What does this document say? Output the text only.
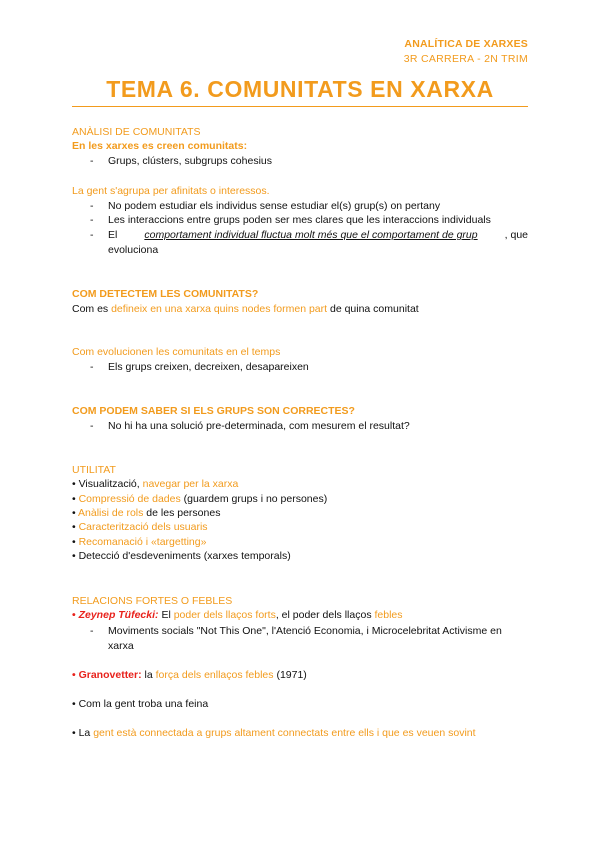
ANALÍTICA DE XARXES
3R CARRERA - 2N TRIM
TEMA 6. COMUNITATS EN XARXA
ANÀLISI DE COMUNITATS
En les xarxes es creen comunitats:
- Grups, clústers, subgrups cohesius
La gent s'agrupa per afinitats o interessos.
- No podem estudiar els individus sense estudiar el(s) grup(s) on pertany
- Les interaccions entre grups poden ser mes clares que les interaccions individuals
- El	comportament individual fluctua molt més que el comportament de grup	, que
evoluciona
COM DETECTEM LES COMUNITATS?
Com es defineix en una xarxa quins nodes formen part de quina comunitat
Com evolucionen les comunitats en el temps
- Els grups creixen, decreixen, desapareixen
COM PODEM SABER SI ELS GRUPS SON CORRECTES?
- No hi ha una solució pre-determinada, com mesurem el resultat?
UTILITAT
• Visualització, navegar per la xarxa
• Compressió de dades (guardem grups i no persones)
• Anàlisi de rols de les persones
• Caracterització dels usuaris
• Recomanació i «targetting»
• Detecció d'esdeveniments (xarxes temporals)
RELACIONS FORTES O FEBLES
• Zeynep Tüfecki: El poder dels llaços forts, el poder dels llaços febles
- Moviments socials "Not This One", l'Atenció Economia, i Microcelebritat Activisme en
xarxa
• Granovetter: la força dels enllaços febles (1971)
• Com la gent troba una feina
• La gent està connectada a grups altament connectats entre ells i que es veuen sovint
